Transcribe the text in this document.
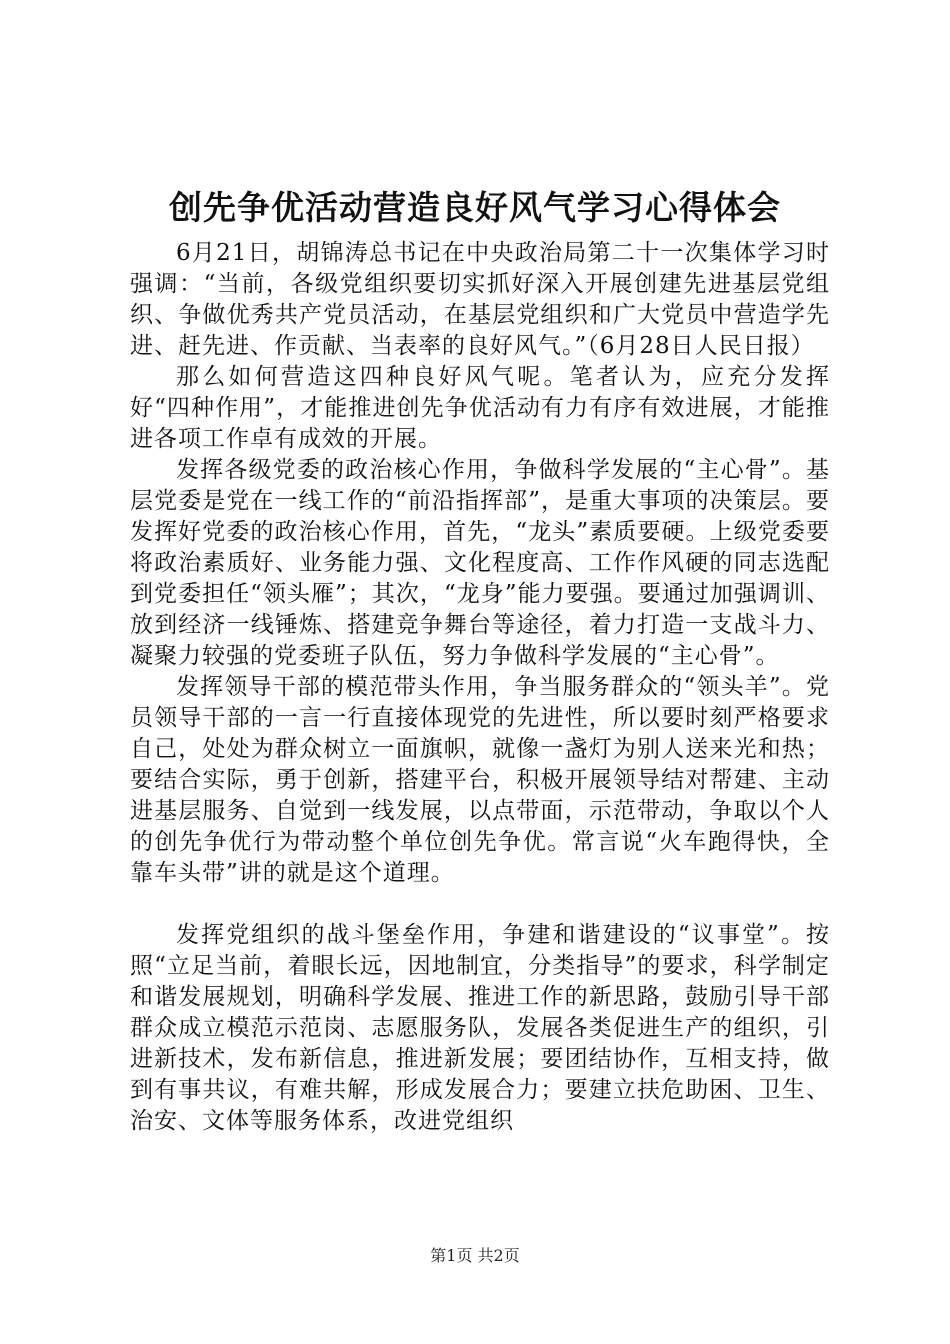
创先争优活动营造良好风气学习心得体会

6月21日，胡锦涛总书记在中央政治局第二十一次集体学习时强调：“当前，各级党组织要切实抓好深入开展创建先进基层党组织、争做优秀共产党员活动，在基层党组织和广大党员中营造学先进、赶先进、作贡献、当表率的良好风气。”（6月28日人民日报）

那么如何营造这四种良好风气呢。笔者认为，应充分发挥好“四种作用”，才能推进创先争优活动有力有序有效进展，才能推进各项工作卓有成效的开展。

发挥各级党委的政治核心作用，争做科学发展的“主心骨”。基层党委是党在一线工作的“前沿指挥部”，是重大事项的决策层。要发挥好党委的政治核心作用，首先，“龙头”素质要硬。上级党委要将政治素质好、业务能力强、文化程度高、工作作风硬的同志选配到党委担任“领头雁”；其次，“龙身”能力要强。要通过加强调训、放到经济一线锤炼、搭建竞争舞台等途径，着力打造一支战斗力、凝聚力较强的党委班子队伍，努力争做科学发展的“主心骨”。

发挥领导干部的模范带头作用，争当服务群众的“领头羊”。党员领导干部的一言一行直接体现党的先进性，所以要时刻严格要求自己，处处为群众树立一面旗帜，就像一盏灯为别人送来光和热；要结合实际，勇于创新，搭建平台，积极开展领导结对帮建、主动进基层服务、自觉到一线发展，以点带面，示范带动，争取以个人的创先争优行为带动整个单位创先争优。常言说“火车跑得快，全靠车头带”讲的就是这个道理。

发挥党组织的战斗堡垒作用，争建和谐建设的“议事堂”。按照“立足当前，着眼长远，因地制宜，分类指导”的要求，科学制定和谐发展规划，明确科学发展、推进工作的新思路，鼓励引导干部群众成立模范示范岗、志愿服务队，发展各类促进生产的组织，引进新技术，发布新信息，推进新发展；要团结协作，互相支持，做到有事共议，有难共解，形成发展合力；要建立扶危助困、卫生、治安、文体等服务体系，改进党组织

第1页 共2页
